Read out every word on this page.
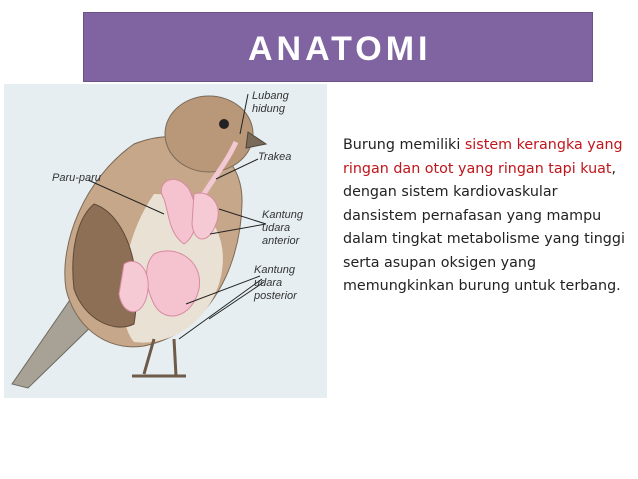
ANATOMI
Lubang
hidung
Trakea
Paru-paru
Kantung
udara
anterior
Kantung
udara
posterior
Burung memiliki sistem kerangka yang ringan dan otot yang ringan tapi kuat, dengan sistem kardiovaskular dansistem pernafasan yang mampu dalam tingkat metabolisme yang tinggi serta asupan oksigen yang memungkinkan burung untuk terbang.
